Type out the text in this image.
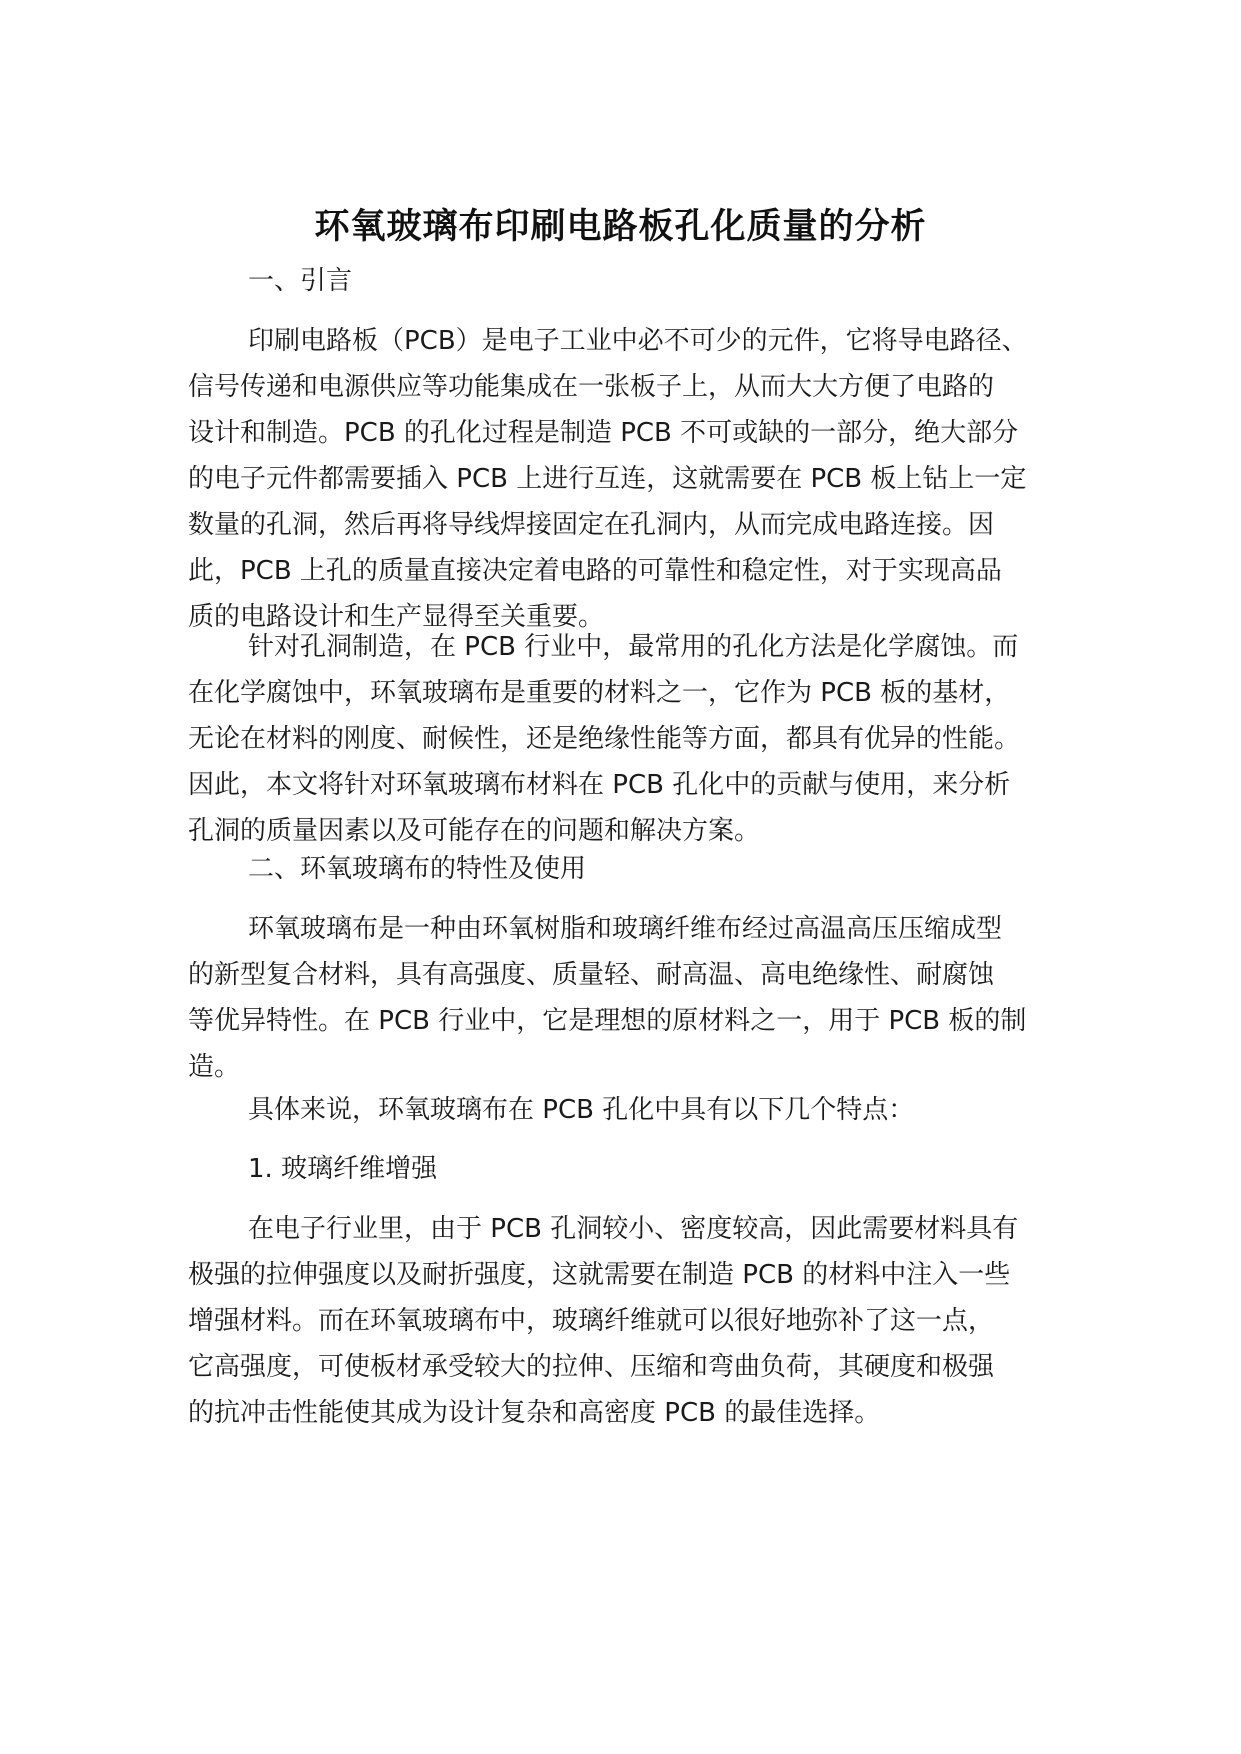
环氧玻璃布印刷电路板孔化质量的分析

一、引言

印刷电路板（PCB）是电子工业中必不可少的元件，它将导电路径、
信号传递和电源供应等功能集成在一张板子上，从而大大方便了电路的
设计和制造。PCB 的孔化过程是制造 PCB 不可或缺的一部分，绝大部分
的电子元件都需要插入 PCB 上进行互连，这就需要在 PCB 板上钻上一定
数量的孔洞，然后再将导线焊接固定在孔洞内，从而完成电路连接。因
此，PCB 上孔的质量直接决定着电路的可靠性和稳定性，对于实现高品
质的电路设计和生产显得至关重要。

针对孔洞制造，在 PCB 行业中，最常用的孔化方法是化学腐蚀。而
在化学腐蚀中，环氧玻璃布是重要的材料之一，它作为 PCB 板的基材，
无论在材料的刚度、耐候性，还是绝缘性能等方面，都具有优异的性能。
因此，本文将针对环氧玻璃布材料在 PCB 孔化中的贡献与使用，来分析
孔洞的质量因素以及可能存在的问题和解决方案。

二、环氧玻璃布的特性及使用

环氧玻璃布是一种由环氧树脂和玻璃纤维布经过高温高压压缩成型
的新型复合材料，具有高强度、质量轻、耐高温、高电绝缘性、耐腐蚀
等优异特性。在 PCB 行业中，它是理想的原材料之一，用于 PCB 板的制
造。

具体来说，环氧玻璃布在 PCB 孔化中具有以下几个特点：

1. 玻璃纤维增强

在电子行业里，由于 PCB 孔洞较小、密度较高，因此需要材料具有
极强的拉伸强度以及耐折强度，这就需要在制造 PCB 的材料中注入一些
增强材料。而在环氧玻璃布中，玻璃纤维就可以很好地弥补了这一点，
它高强度，可使板材承受较大的拉伸、压缩和弯曲负荷，其硬度和极强
的抗冲击性能使其成为设计复杂和高密度 PCB 的最佳选择。
